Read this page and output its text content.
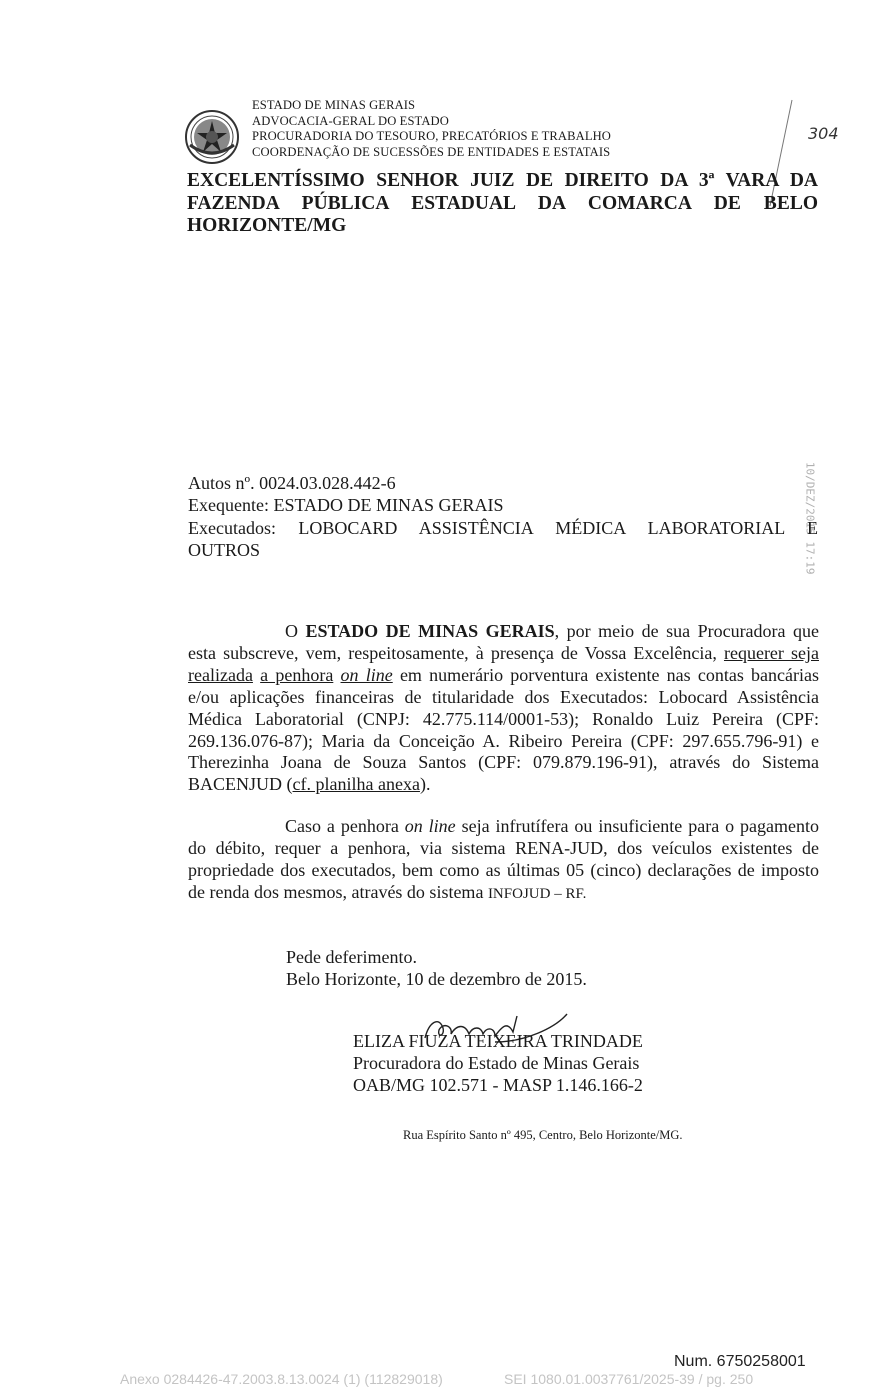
ESTADO DE MINAS GERAIS
ADVOCACIA-GERAL DO ESTADO
PROCURADORIA DO TESOURO, PRECATÓRIOS E TRABALHO
COORDENAÇÃO DE SUCESSÕES DE ENTIDADES E ESTATAIS
304
EXCELENTÍSSIMO SENHOR JUIZ DE DIREITO DA 3ª VARA DA
FAZENDA PÚBLICA ESTADUAL DA COMARCA DE BELO
HORIZONTE/MG
10/DEZ/2015 17:19
Autos nº. 0024.03.028.442-6
Exequente: ESTADO DE MINAS GERAIS
Executados: LOBOCARD ASSISTÊNCIA MÉDICA LABORATORIAL E
OUTROS
O ESTADO DE MINAS GERAIS, por meio de sua Procuradora que esta subscreve, vem, respeitosamente, à presença de Vossa Excelência, requerer seja realizada a penhora on line em numerário porventura existente nas contas bancárias e/ou aplicações financeiras de titularidade dos Executados: Lobocard Assistência Médica Laboratorial (CNPJ: 42.775.114/0001-53); Ronaldo Luiz Pereira (CPF: 269.136.076-87); Maria da Conceição A. Ribeiro Pereira (CPF: 297.655.796-91) e Therezinha Joana de Souza Santos (CPF: 079.879.196-91), através do Sistema BACENJUD (cf. planilha anexa).
Caso a penhora on line seja infrutífera ou insuficiente para o pagamento do débito, requer a penhora, via sistema RENA-JUD, dos veículos existentes de propriedade dos executados, bem como as últimas 05 (cinco) declarações de imposto de renda dos mesmos, através do sistema INFOJUD – RF.
Pede deferimento.
Belo Horizonte, 10 de dezembro de 2015.
ELIZA FIUZA TEIXEIRA TRINDADE
Procuradora do Estado de Minas Gerais
OAB/MG 102.571 - MASP 1.146.166-2
Rua Espírito Santo nº 495, Centro, Belo Horizonte/MG.
Num. 6750258001
Anexo 0284426-47.2003.8.13.0024 (1) (112829018)	SEI 1080.01.0037761/2025-39 / pg. 250
